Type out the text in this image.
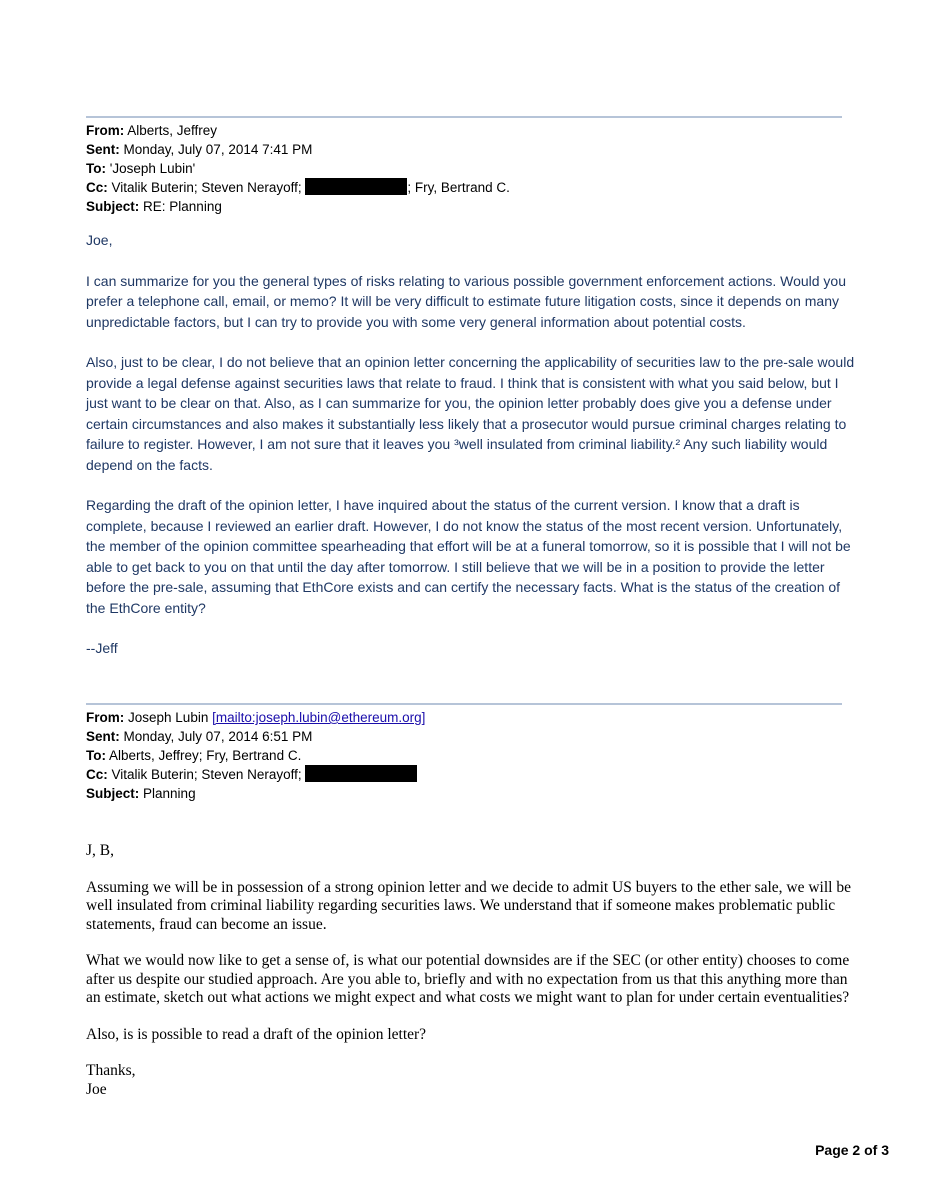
From: Alberts, Jeffrey
Sent: Monday, July 07, 2014 7:41 PM
To: 'Joseph Lubin'
Cc: Vitalik Buterin; Steven Nerayoff;	; Fry, Bertrand C.
Subject: RE: Planning

Joe,

I can summarize for you the general types of risks relating to various possible government enforcement actions. Would you prefer a telephone call, email, or memo? It will be very difficult to estimate future litigation costs, since it depends on many unpredictable factors, but I can try to provide you with some very general information about potential costs.

Also, just to be clear, I do not believe that an opinion letter concerning the applicability of securities law to the pre-sale would provide a legal defense against securities laws that relate to fraud. I think that is consistent with what you said below, but I just want to be clear on that. Also, as I can summarize for you, the opinion letter probably does give you a defense under certain circumstances and also makes it substantially less likely that a prosecutor would pursue criminal charges relating to failure to register. However, I am not sure that it leaves you ³well insulated from criminal liability.² Any such liability would depend on the facts.

Regarding the draft of the opinion letter, I have inquired about the status of the current version. I know that a draft is complete, because I reviewed an earlier draft. However, I do not know the status of the most recent version. Unfortunately, the member of the opinion committee spearheading that effort will be at a funeral tomorrow, so it is possible that I will not be able to get back to you on that until the day after tomorrow. I still believe that we will be in a position to provide the letter before the pre-sale, assuming that EthCore exists and can certify the necessary facts. What is the status of the creation of the EthCore entity?

--Jeff

From: Joseph Lubin [mailto:joseph.lubin@ethereum.org]
Sent: Monday, July 07, 2014 6:51 PM
To: Alberts, Jeffrey; Fry, Bertrand C.
Cc: Vitalik Buterin; Steven Nerayoff;
Subject: Planning

J, B,

Assuming we will be in possession of a strong opinion letter and we decide to admit US buyers to the ether sale, we will be well insulated from criminal liability regarding securities laws. We understand that if someone makes problematic public statements, fraud can become an issue.

What we would now like to get a sense of, is what our potential downsides are if the SEC (or other entity) chooses to come after us despite our studied approach. Are you able to, briefly and with no expectation from us that this anything more than an estimate, sketch out what actions we might expect and what costs we might want to plan for under certain eventualities?

Also, is is possible to read a draft of the opinion letter?

Thanks,

Joe

Page 2 of 3
